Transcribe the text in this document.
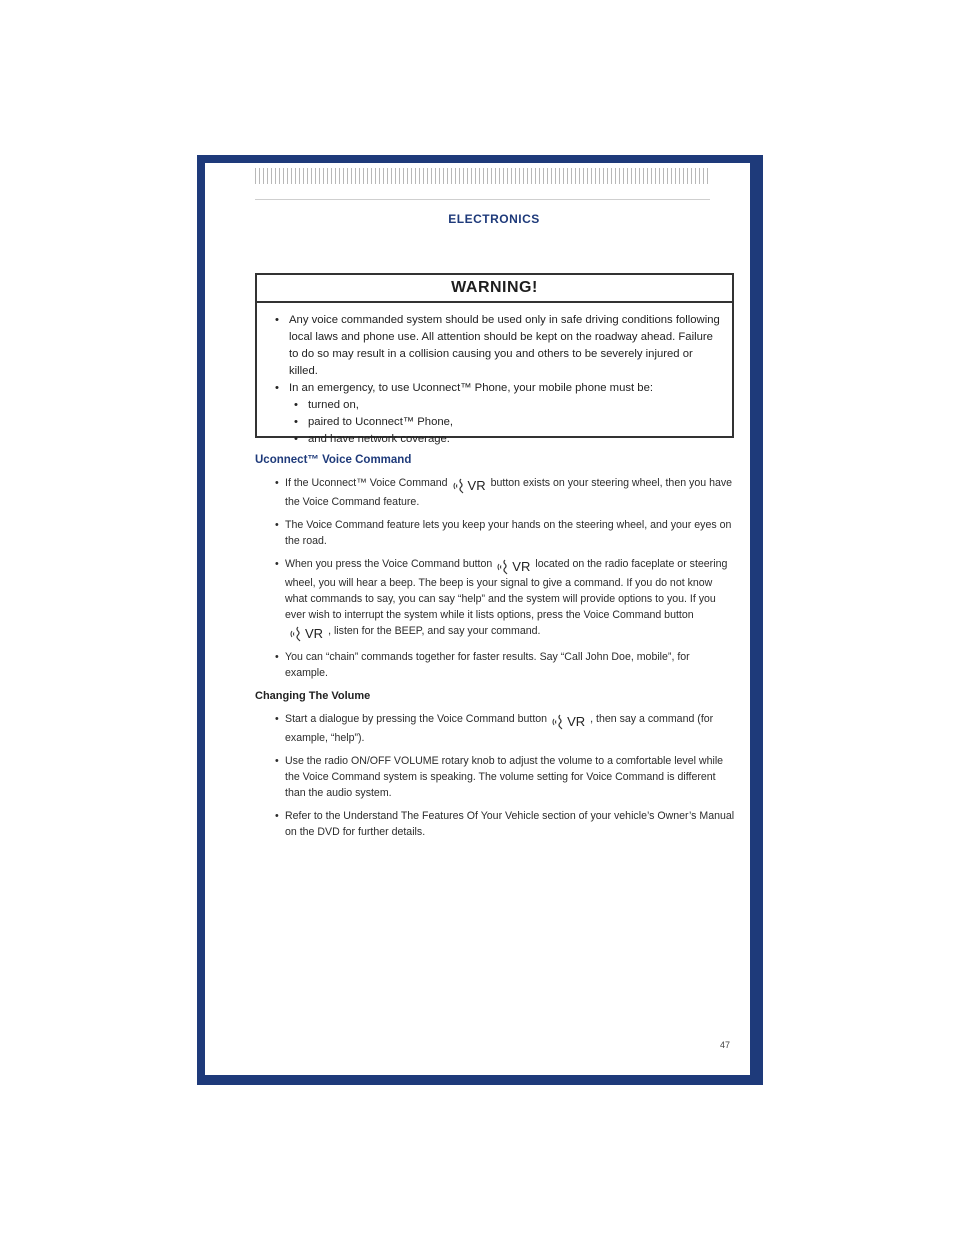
ELECTRONICS
WARNING!
• Any voice commanded system should be used only in safe driving conditions following local laws and phone use. All attention should be kept on the roadway ahead. Failure to do so may result in a collision causing you and others to be severely injured or killed.
• In an emergency, to use Uconnect™ Phone, your mobile phone must be:
• turned on,
• paired to Uconnect™ Phone,
• and have network coverage.
Uconnect™ Voice Command
• If the Uconnect™ Voice Command VR button exists on your steering wheel, then you have the Voice Command feature.
• The Voice Command feature lets you keep your hands on the steering wheel, and your eyes on the road.
• When you press the Voice Command button VR located on the radio faceplate or steering wheel, you will hear a beep. The beep is your signal to give a command. If you do not know what commands to say, you can say “help” and the system will provide options to you. If you ever wish to interrupt the system while it lists options, press the Voice Command buttonVR , listen for the BEEP, and say your command.
• You can “chain” commands together for faster results. Say “Call John Doe, mobile”, for example.
Changing The Volume
• Start a dialogue by pressing the Voice Command button VR , then say a command (for example, “help”).
• Use the radio ON/OFF VOLUME rotary knob to adjust the volume to a comfortable level while the Voice Command system is speaking. The volume setting for Voice Command is different than the audio system.
• Refer to the Understand The Features Of Your Vehicle section of your vehicle’s Owner’s Manual on the DVD for further details.
47
